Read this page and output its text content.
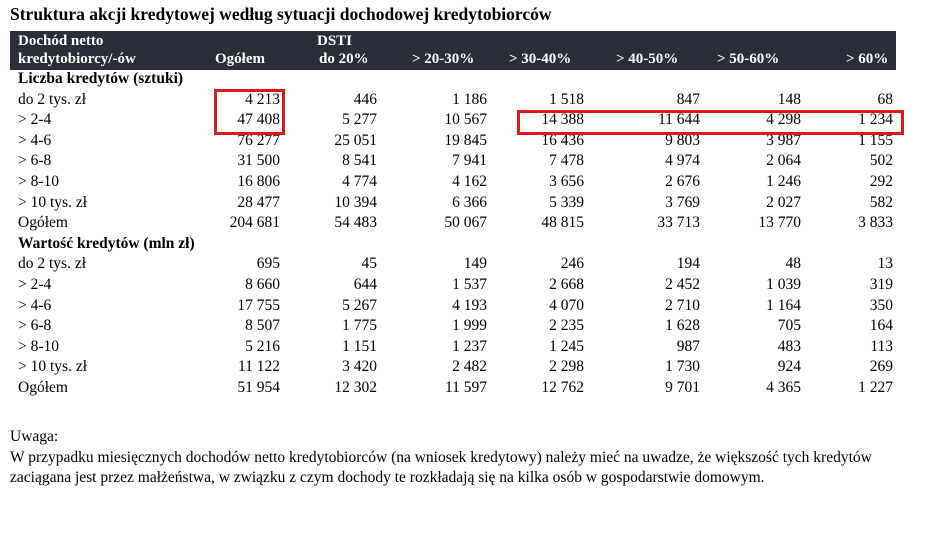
Struktura akcji kredytowej według sytuacji dochodowej kredytobiorców
Dochód netto
kredytobiorcy/-ów
DSTI
Ogółem	do 20%	> 20-30% > 30-40%	> 40-50%	> 50-60%	> 60%
Liczba kredytów (sztuki)
do 2 tys. zł	4 213	446	1 186	1 518	847	148	68
> 2-4	47 408	5 277	10 567	14 388	11 644	4 298	1 234
> 4-6	76 277	25 051	19 845	16 436	9 803	3 987	1 155
> 6-8	31 500	8 541	7 941	7 478	4 974	2 064	502
> 8-10	16 806	4 774	4 162	3 656	2 676	1 246	292
> 10 tys. zł	28 477	10 394	6 366	5 339	3 769	2 027	582
Ogółem	204 681	54 483	50 067	48 815	33 713	13 770	3 833
Wartość kredytów (mln zł)
do 2 tys. zł	695	45	149	246	194	48	13
> 2-4	8 660	644	1 537	2 668	2 452	1 039	319
> 4-6	17 755	5 267	4 193	4 070	2 710	1 164	350
> 6-8	8 507	1 775	1 999	2 235	1 628	705	164
> 8-10	5 216	1 151	1 237	1 245	987	483	113
> 10 tys. zł	11 122	3 420	2 482	2 298	1 730	924	269
Ogółem	51 954	12 302	11 597	12 762	9 701	4 365	1 227

Uwaga:

W przypadku miesięcznych dochodów netto kredytobiorców (na wniosek kredytowy) należy mieć na uwadze, że większość tych kredytów zaciągana jest przez małżeństwa, w związku z czym dochody te rozkładają się na kilka osób w gospodarstwie domowym.
